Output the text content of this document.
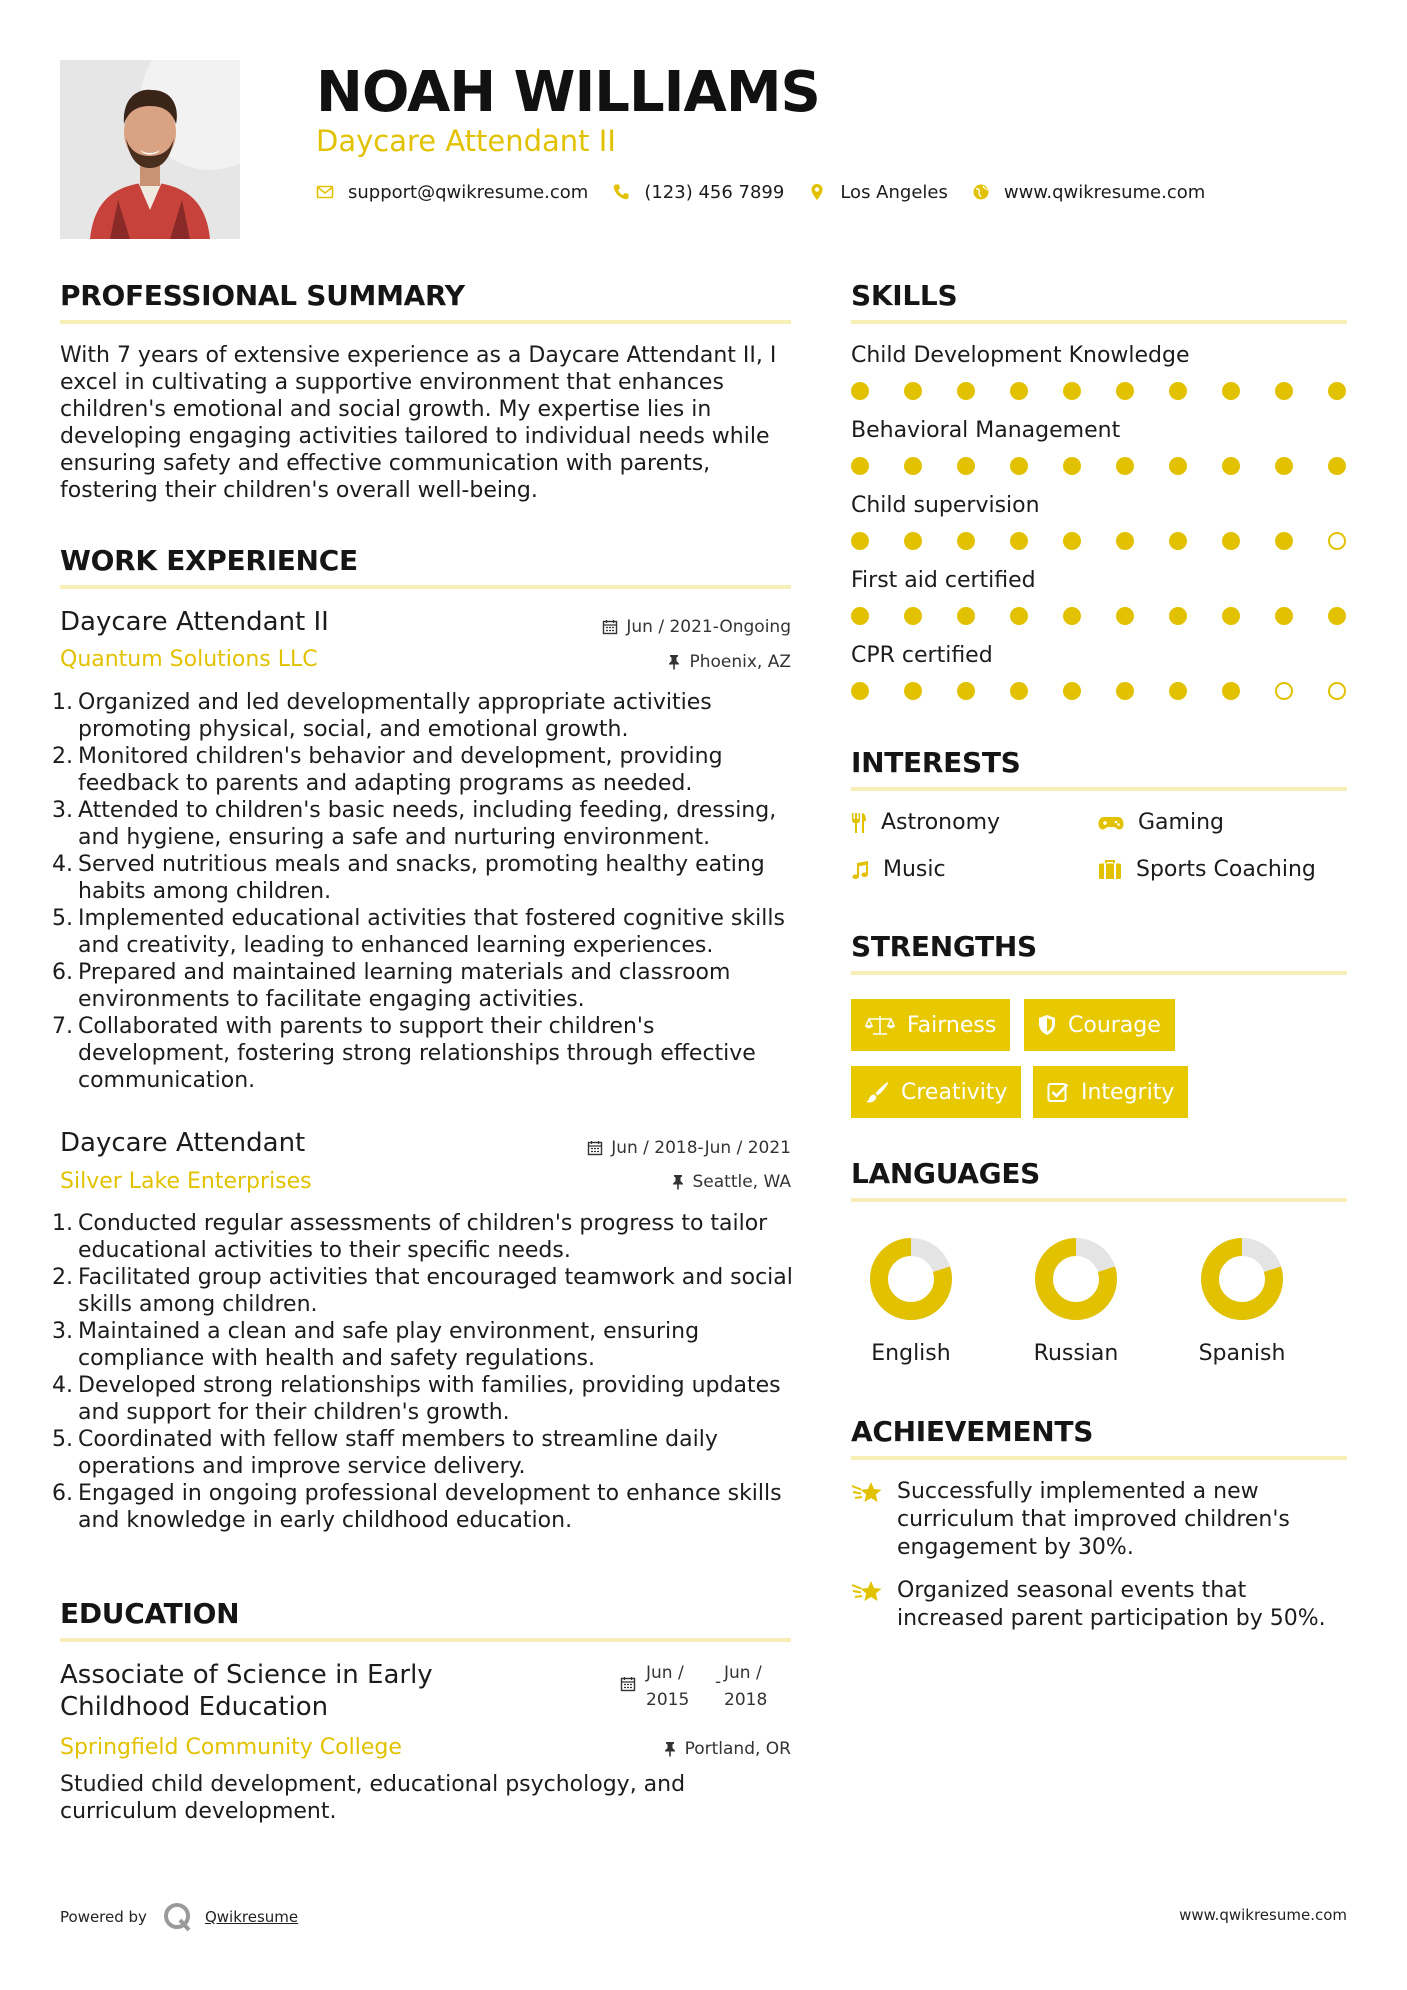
NOAH WILLIAMS
Daycare Attendant II
support@qwikresume.com	(123) 456 7899	Los Angeles	www.qwikresume.com
PROFESSIONAL SUMMARY
With 7 years of extensive experience as a Daycare Attendant II, I excel in cultivating a supportive environment that enhances children's emotional and social growth. My expertise lies in developing engaging activities tailored to individual needs while ensuring safety and effective communication with parents, fostering their children's overall well-being.
WORK EXPERIENCE
Daycare Attendant II	Jun / 2021-Ongoing
Quantum Solutions LLC	Phoenix, AZ
1. Organized and led developmentally appropriate activities promoting physical, social, and emotional growth.
2. Monitored children's behavior and development, providing feedback to parents and adapting programs as needed.
3. Attended to children's basic needs, including feeding, dressing, and hygiene, ensuring a safe and nurturing environment.
4. Served nutritious meals and snacks, promoting healthy eating habits among children.
5. Implemented educational activities that fostered cognitive skills and creativity, leading to enhanced learning experiences.
6. Prepared and maintained learning materials and classroom environments to facilitate engaging activities.
7. Collaborated with parents to support their children's development, fostering strong relationships through effective communication.
Daycare Attendant	Jun / 2018-Jun / 2021
Silver Lake Enterprises	Seattle, WA
1. Conducted regular assessments of children's progress to tailor educational activities to their specific needs.
2. Facilitated group activities that encouraged teamwork and social skills among children.
3. Maintained a clean and safe play environment, ensuring compliance with health and safety regulations.
4. Developed strong relationships with families, providing updates and support for their children's growth.
5. Coordinated with fellow staff members to streamline daily operations and improve service delivery.
6. Engaged in ongoing professional development to enhance skills and knowledge in early childhood education.
EDUCATION
Associate of Science in Early
Childhood Education
Jun /
2015
- Jun /
2018
Springfield Community College	Portland, OR
Studied child development, educational psychology, and curriculum development.
SKILLS
Child Development Knowledge
Behavioral Management
Child supervision
First aid certified
CPR certified
INTERESTS
Astronomy	Gaming
Music	Sports Coaching
STRENGTHS
Fairness	Courage
Creativity	Integrity
LANGUAGES
English	Russian	Spanish
ACHIEVEMENTS
Successfully implemented a new curriculum that improved children's engagement by 30%.
Organized seasonal events that increased parent participation by 50%.
Powered by	Qwikresume	www.qwikresume.com
